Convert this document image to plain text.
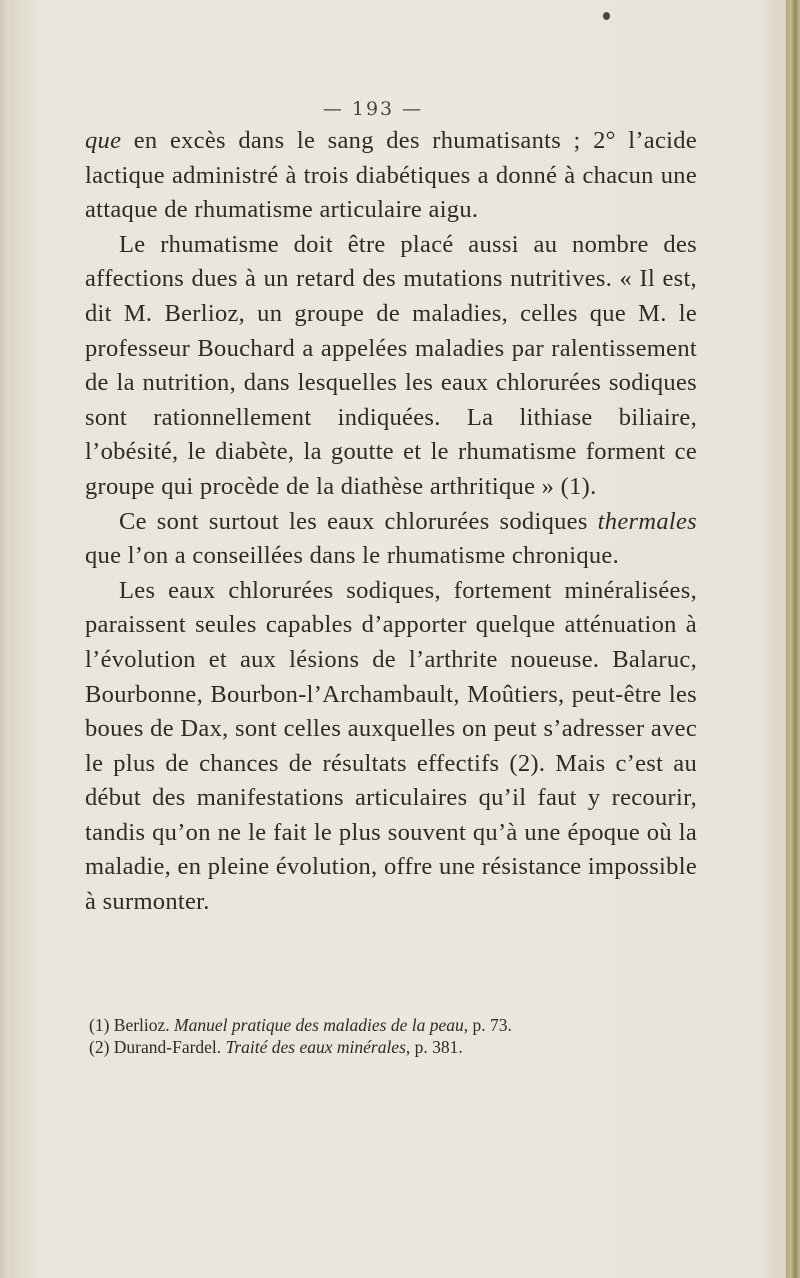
— 193 —

que en excès dans le sang des rhumatisants ; 2° l’acide lactique administré à trois diabétiques a donné à chacun une attaque de rhumatisme articulaire aigu.

Le rhumatisme doit être placé aussi au nombre des affections dues à un retard des mutations nutritives. « Il est, dit M. Berlioz, un groupe de maladies, celles que M. le professeur Bouchard a appelées maladies par ralentissement de la nutrition, dans lesquelles les eaux chlorurées sodiques sont rationnellement indiquées. La lithiase biliaire, l’obésité, le diabète, la goutte et le rhumatisme forment ce groupe qui procède de la diathèse arthritique » (1).

Ce sont surtout les eaux chlorurées sodiques thermales que l’on a conseillées dans le rhumatisme chronique.

Les eaux chlorurées sodiques, fortement minéralisées, paraissent seules capables d’apporter quelque atténuation à l’évolution et aux lésions de l’arthrite noueuse. Balaruc, Bourbonne, Bourbon-l’Archambault, Moûtiers, peut-être les boues de Dax, sont celles auxquelles on peut s’adresser avec le plus de chances de résultats effectifs (2). Mais c’est au début des manifestations articulaires qu’il faut y recourir, tandis qu’on ne le fait le plus souvent qu’à une époque où la maladie, en pleine évolution, offre une résistance impossible à surmonter.

(1) Berlioz. Manuel pratique des maladies de la peau, p. 73.

(2) Durand-Fardel. Traité des eaux minérales, p. 381.
